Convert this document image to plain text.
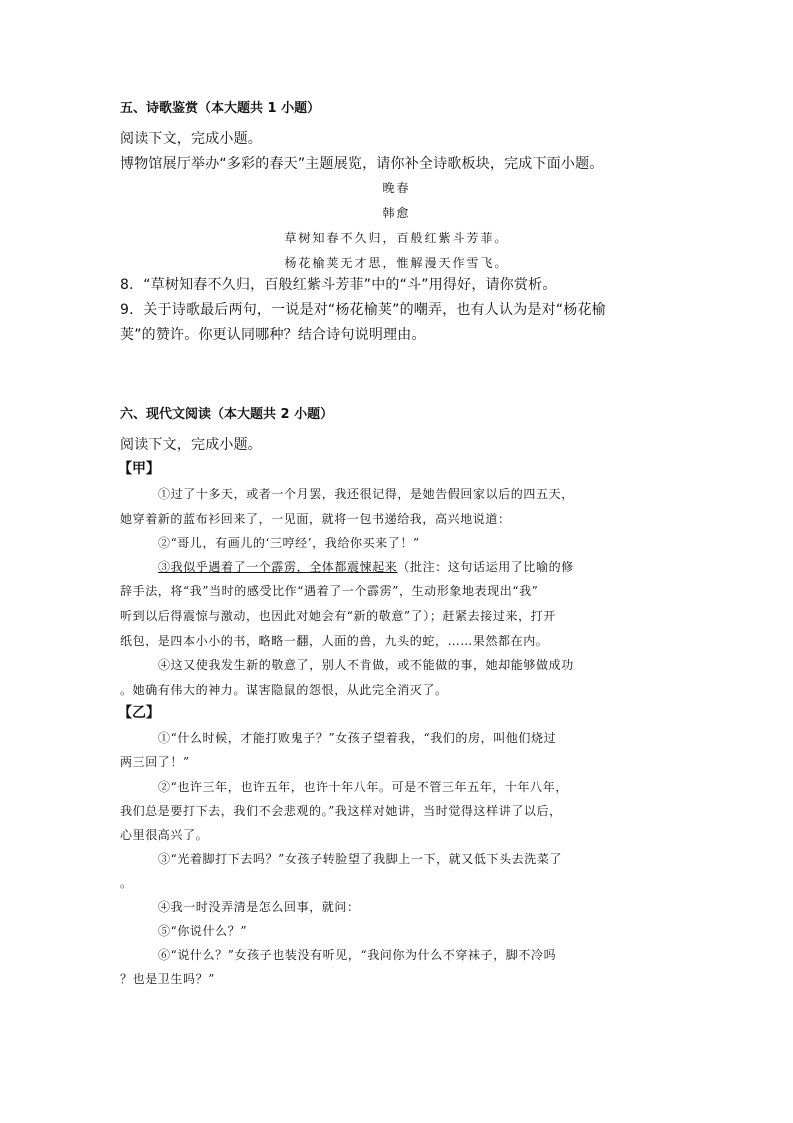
五、诗歌鉴赏（本大题共 1 小题）
阅读下文，完成小题。
博物馆展厅举办“多彩的春天”主题展览，请你补全诗歌板块，完成下面小题。
晚春
韩愈
草树知春不久归，百般红紫斗芳菲。
杨花榆荚无才思，惟解漫天作雪飞。
8．“草树知春不久归，百般红紫斗芳菲”中的“斗”用得好，请你赏析。
9．关于诗歌最后两句，一说是对“杨花榆荚”的嘲弄，也有人认为是对“杨花榆
荚”的赞许。你更认同哪种？结合诗句说明理由。
六、现代文阅读（本大题共 2 小题）
阅读下文，完成小题。
【甲】
①过了十多天，或者一个月罢，我还很记得，是她告假回家以后的四五天，
她穿着新的蓝布衫回来了，一见面，就将一包书递给我，高兴地说道：
②“哥儿，有画儿的‘三哼经’，我给你买来了！”
③我似乎遇着了一个霹雳，全体都震悚起来（批注：这句话运用了比喻的修
辞手法，将“我”当时的感受比作“遇着了一个霹雳”，生动形象地表现出“我”
听到以后得震惊与激动，也因此对她会有“新的敬意”了）；赶紧去接过来，打开
纸包，是四本小小的书，略略一翻，人面的兽，九头的蛇，……果然都在内。
④这又使我发生新的敬意了，别人不肯做，或不能做的事，她却能够做成功
。她确有伟大的神力。谋害隐鼠的怨恨，从此完全消灭了。
【乙】
①“什么时候，才能打败鬼子？”女孩子望着我，“我们的房，叫他们烧过
两三回了！”
②“也许三年，也许五年，也许十年八年。可是不管三年五年，十年八年，
我们总是要打下去，我们不会悲观的。”我这样对她讲，当时觉得这样讲了以后，
心里很高兴了。
③“光着脚打下去吗？”女孩子转脸望了我脚上一下，就又低下头去洗菜了
。
④我一时没弄清是怎么回事，就问：
⑤“你说什么？”
⑥“说什么？”女孩子也装没有听见，“我问你为什么不穿袜子，脚不冷吗
？也是卫生吗？”
